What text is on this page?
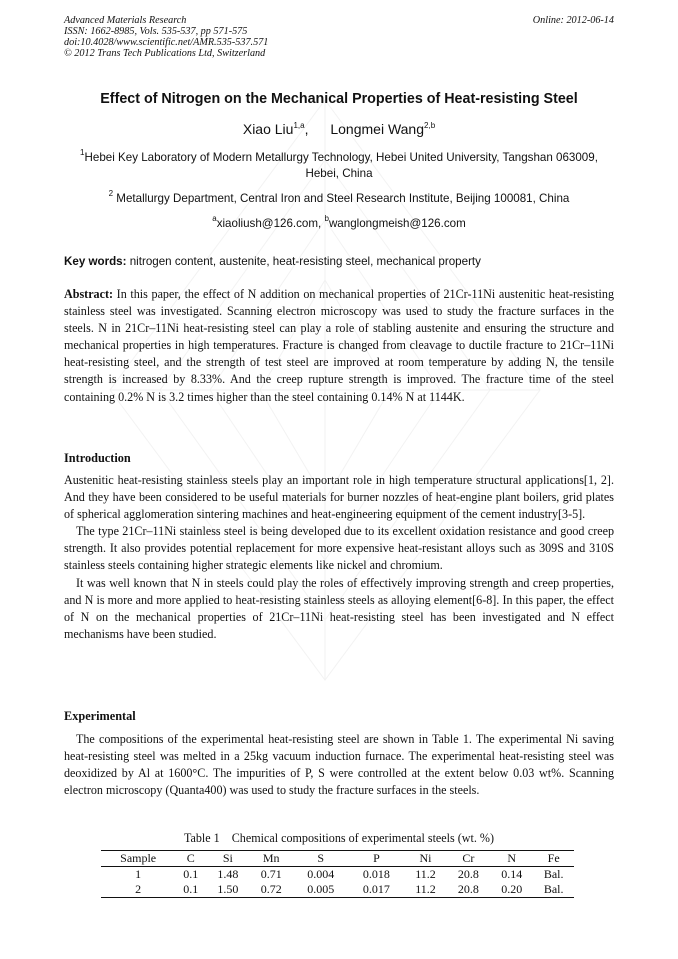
Advanced Materials Research
ISSN: 1662-8985, Vols. 535-537, pp 571-575
doi:10.4028/www.scientific.net/AMR.535-537.571
© 2012 Trans Tech Publications Ltd, Switzerland
Online: 2012-06-14
Effect of Nitrogen on the Mechanical Properties of Heat-resisting Steel
Xiao Liu$^{1,a}$, Longmei Wang$^{2,b}$
$^1$Hebei Key Laboratory of Modern Metallurgy Technology, Hebei United University, Tangshan 063009, Hebei, China
$^2$ Metallurgy Department, Central Iron and Steel Research Institute, Beijing 100081, China
$^a$xiaoliush@126.com, $^b$wanglongmeish@126.com
Key words: nitrogen content, austenite, heat-resisting steel, mechanical property

Abstract: In this paper, the effect of N addition on mechanical properties of 21Cr-11Ni austenitic heat-resisting stainless steel was investigated. Scanning electron microscopy was used to study the fracture surfaces in the steels. N in 21Cr–11Ni heat-resisting steel can play a role of stabling austenite and ensuring the structure and mechanical properties in high temperatures. Fracture is changed from cleavage to ductile fracture to 21Cr–11Ni heat-resisting steel, and the strength of test steel are improved at room temperature by adding N, the tensile strength is increased by 8.33%. And the creep rupture strength is improved. The fracture time of the steel containing 0.2% N is 3.2 times higher than the steel containing 0.14% N at 1144K.

Introduction

Austenitic heat-resisting stainless steels play an important role in high temperature structural applications[1, 2]. And they have been considered to be useful materials for burner nozzles of heat-engine plant boilers, grid plates of spherical agglomeration sintering machines and heat-engineering equipment of the cement industry[3-5].

The type 21Cr–11Ni stainless steel is being developed due to its excellent oxidation resistance and good creep strength. It also provides potential replacement for more expensive heat-resistant alloys such as 309S and 310S stainless steels containing higher strategic elements like nickel and chromium.

It was well known that N in steels could play the roles of effectively improving strength and creep properties, and N is more and more applied to heat-resisting stainless steels as alloying element[6-8]. In this paper, the effect of N on the mechanical properties of 21Cr–11Ni heat-resisting steel has been investigated and N effect mechanisms have been studied.

Experimental

The compositions of the experimental heat-resisting steel are shown in Table 1. The experimental Ni saving heat-resisting steel was melted in a 25kg vacuum induction furnace. The experimental heat-resisting steel was deoxidized by Al at 1600°C. The impurities of P, S were controlled at the extent below 0.03 wt%. Scanning electron microscopy (Quanta400) was used to study the fracture surfaces in the steels.

Table 1 Chemical compositions of experimental steels (wt. %)
Sample	C	Si	Mn	S	P	Ni	Cr	N	Fe
1	0.1	1.48	0.71	0.004	0.018	11.2	20.8	0.14	Bal.
2	0.1	1.50	0.72	0.005	0.017	11.2	20.8	0.20	Bal.
